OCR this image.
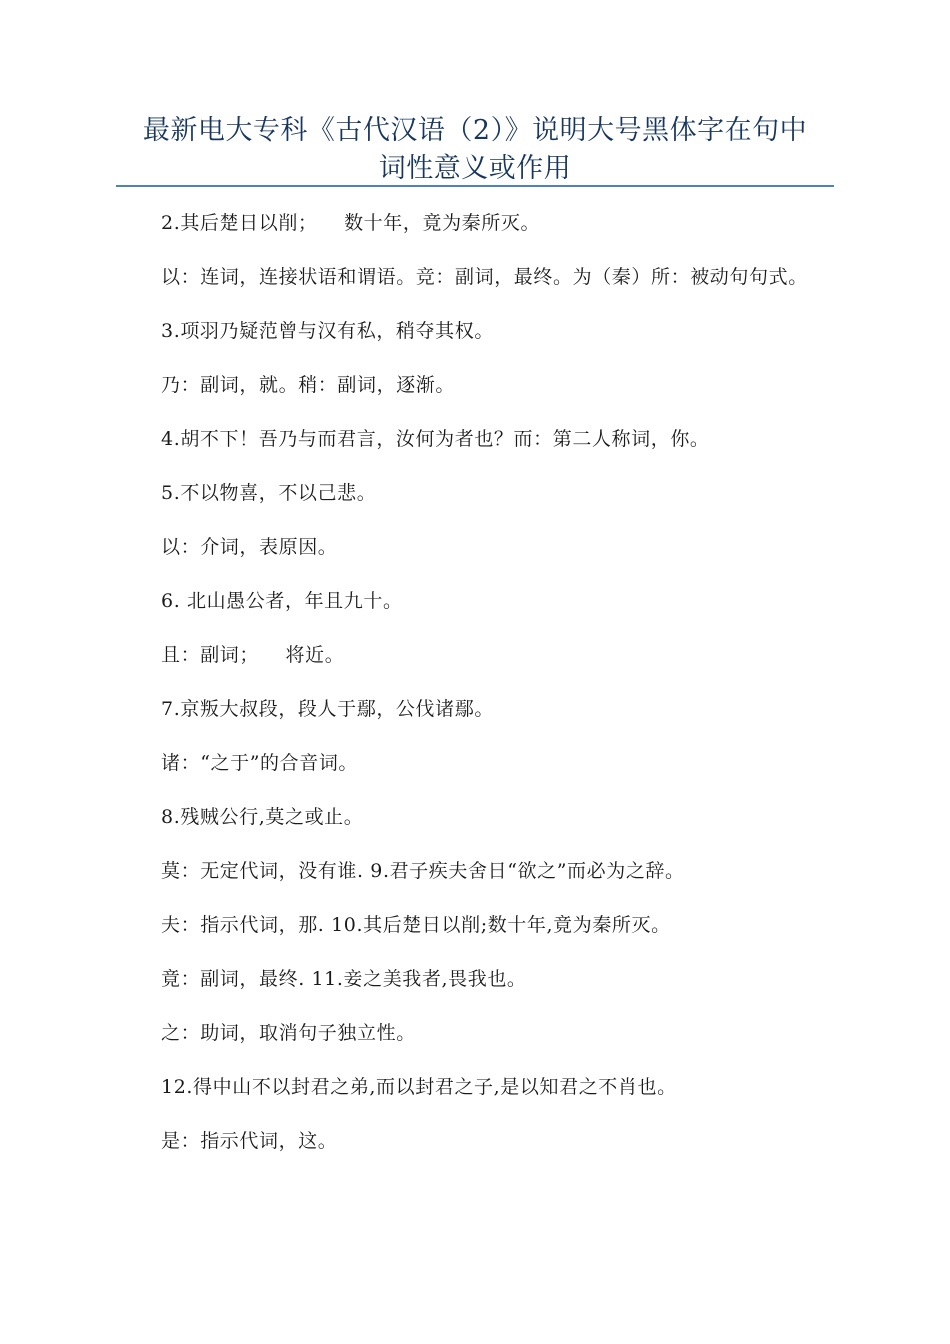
最新电大专科《古代汉语（2）》说明大号黑体字在句中
词性意义或作用

2.其后楚日以削；    数十年，竟为秦所灭。

以：连词，连接状语和谓语。竞：副词，最终。为（秦）所：被动句句式。

3.项羽乃疑范曾与汉有私，稍夺其权。

乃：副词，就。稍：副词，逐渐。

4.胡不下！吾乃与而君言，汝何为者也？而：第二人称词，你。

5.不以物喜，不以己悲。

以：介词，表原因。

6. 北山愚公者，年且九十。

且：副词；    将近。

7.京叛大叔段，段人于鄢，公伐诸鄢。

诸：“之于”的合音词。

8.残贼公行,莫之或止。

莫：无定代词，没有谁. 9.君子疾夫舍日“欲之”而必为之辞。

夫：指示代词，那. 10.其后楚日以削;数十年,竟为秦所灭。

竟：副词，最终. 11.妾之美我者,畏我也。

之：助词，取消句子独立性。

12.得中山不以封君之弟,而以封君之子,是以知君之不肖也。

是：指示代词，这。
